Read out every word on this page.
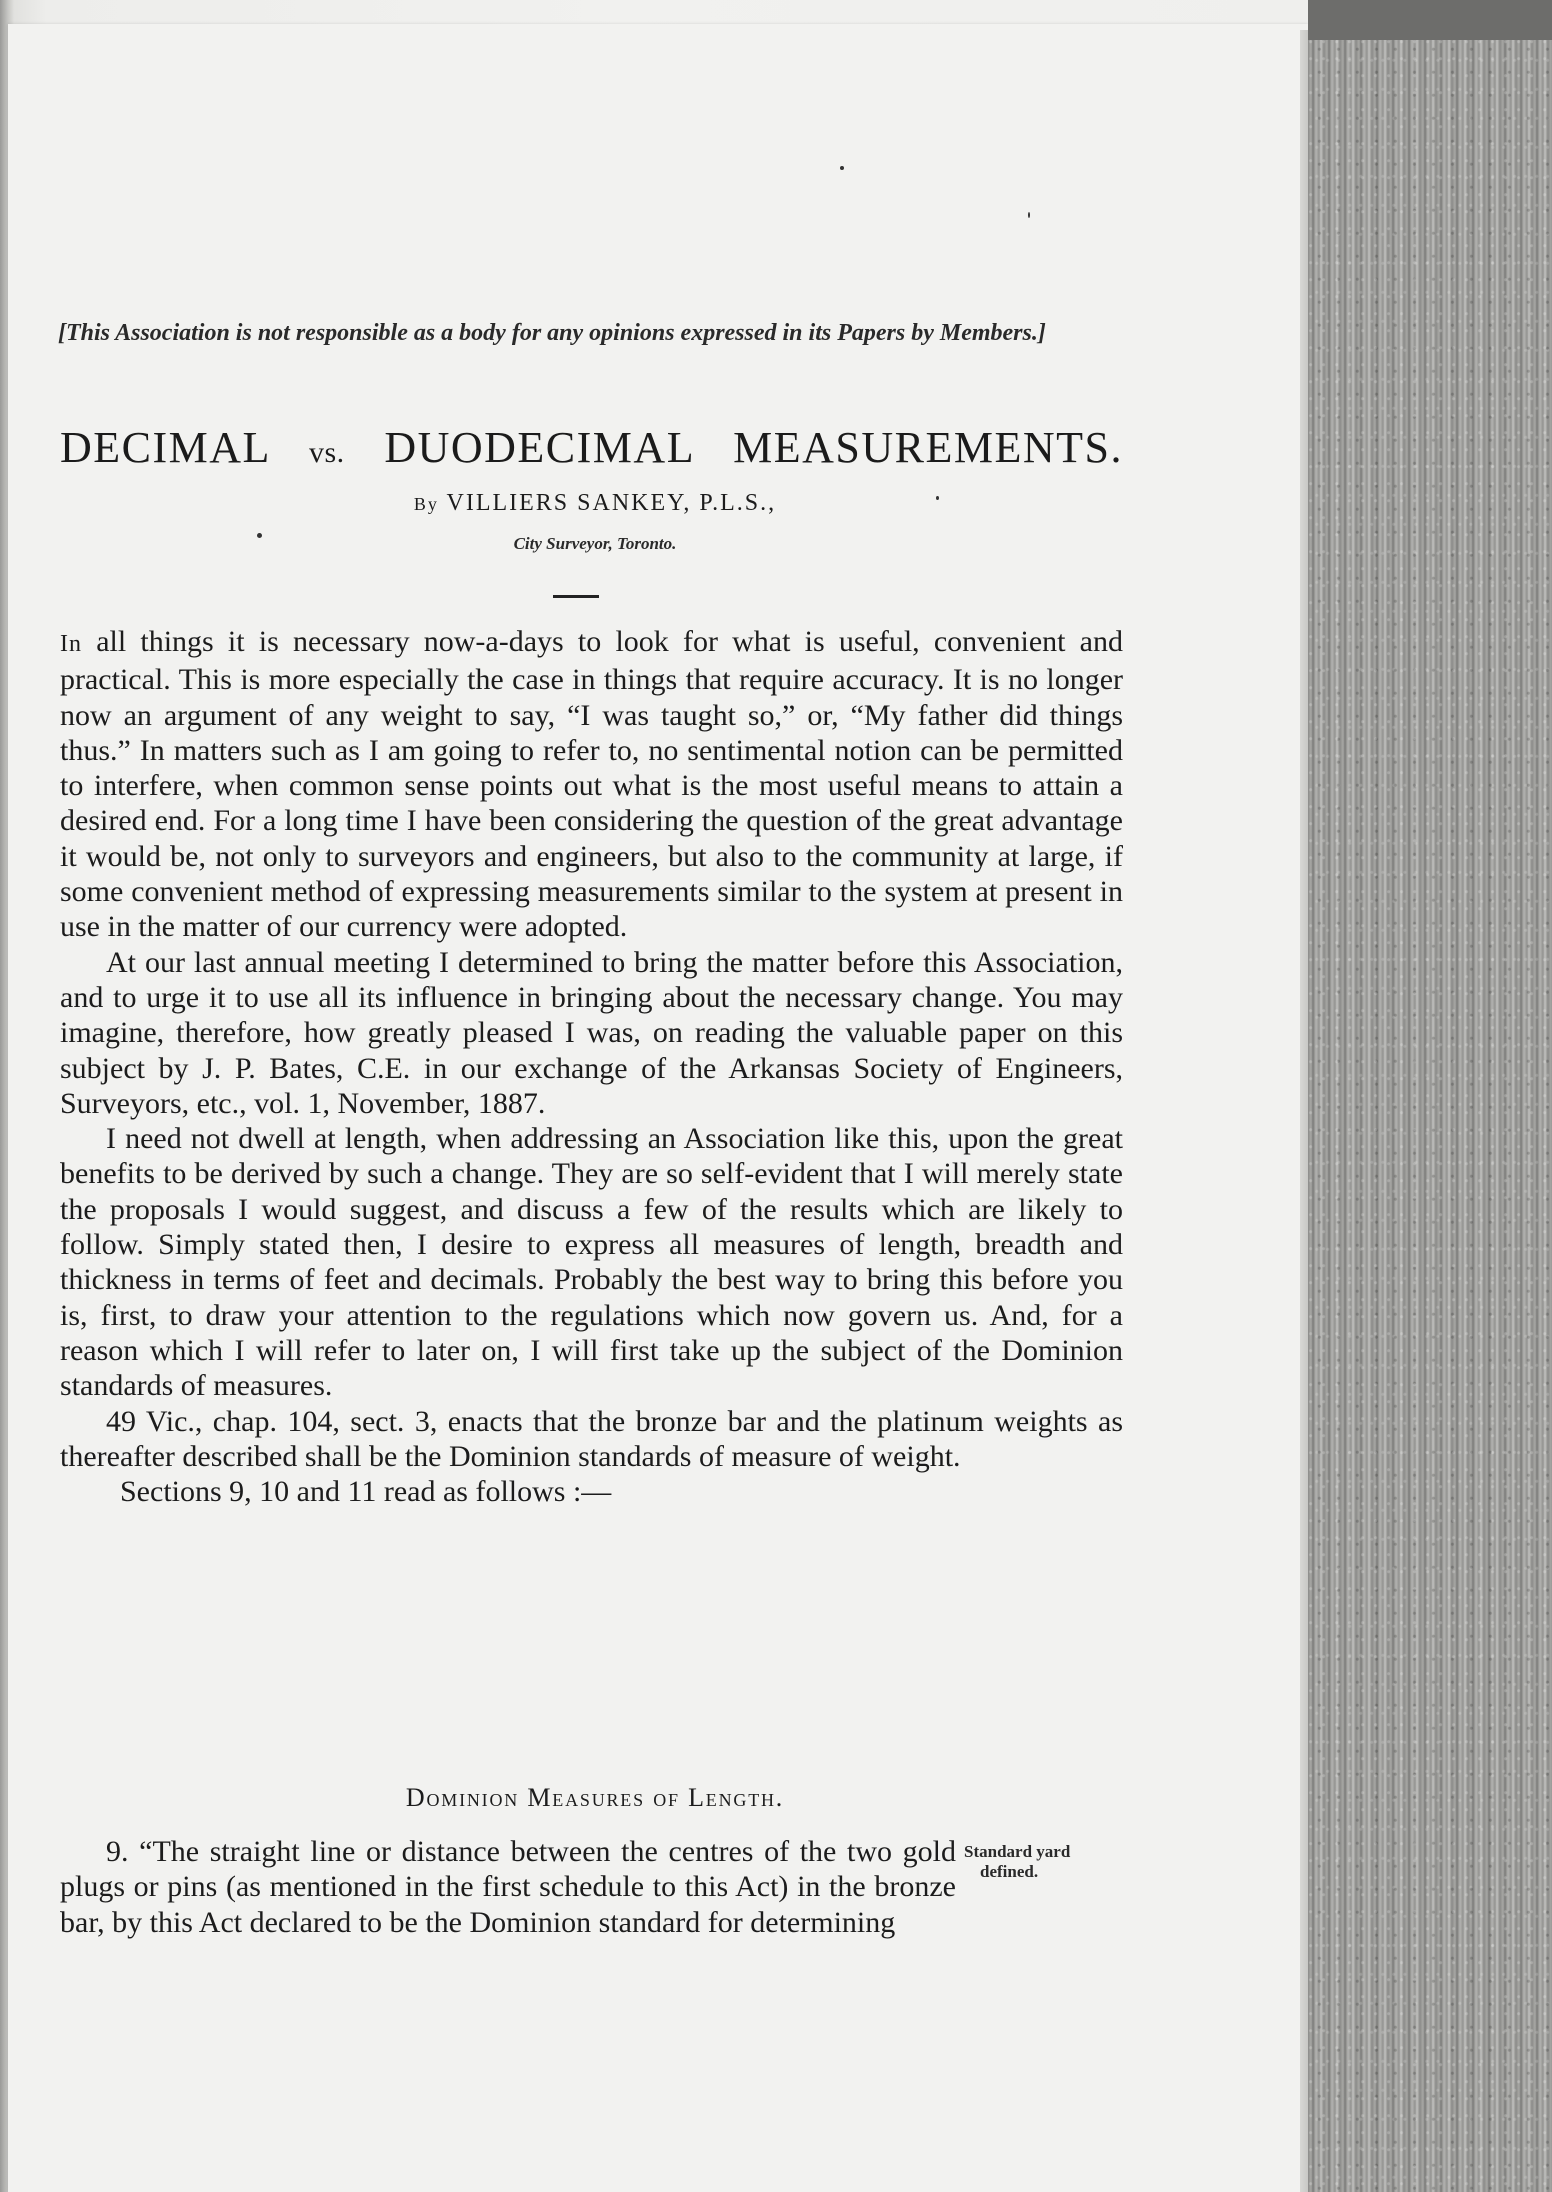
[This Association is not responsible as a body for any opinions expressed in its Papers by Members.]
DECIMAL vs. DUODECIMAL MEASUREMENTS.
By VILLIERS SANKEY, P.L.S.,
City Surveyor, Toronto.

In all things it is necessary now-a-days to look for what is useful, convenient and practical. This is more especially the case in things that require accuracy. It is no longer now an argument of any weight to say, “I was taught so,” or, “My father did things thus.” In matters such as I am going to refer to, no sentimental notion can be permitted to interfere, when common sense points out what is the most useful means to attain a desired end. For a long time I have been considering the question of the great advantage it would be, not only to surveyors and engineers, but also to the community at large, if some convenient method of expressing measurements similar to the system at present in use in the matter of our currency were adopted.

At our last annual meeting I determined to bring the matter before this Association, and to urge it to use all its influence in bringing about the necessary change. You may imagine, therefore, how greatly pleased I was, on reading the valuable paper on this subject by J. P. Bates, C.E. in our exchange of the Arkansas Society of Engineers, Surveyors, etc., vol. 1, November, 1887.

I need not dwell at length, when addressing an Association like this, upon the great benefits to be derived by such a change. They are so self-evident that I will merely state the proposals I would suggest, and discuss a few of the results which are likely to follow. Simply stated then, I desire to express all measures of length, breadth and thickness in terms of feet and decimals. Probably the best way to bring this before you is, first, to draw your attention to the regulations which now govern us. And, for a reason which I will refer to later on, I will first take up the subject of the Dominion standards of measures.

49 Vic., chap. 104, sect. 3, enacts that the bronze bar and the platinum weights as thereafter described shall be the Dominion standards of measure of weight.

Sections 9, 10 and 11 read as follows :—

Dominion Measures of Length.

9. “The straight line or distance between the centres of the two gold plugs or pins (as mentioned in the first schedule to this Act) in the bronze bar, by this Act declared to be the Dominion standard for determining

Standard yard
defined.
